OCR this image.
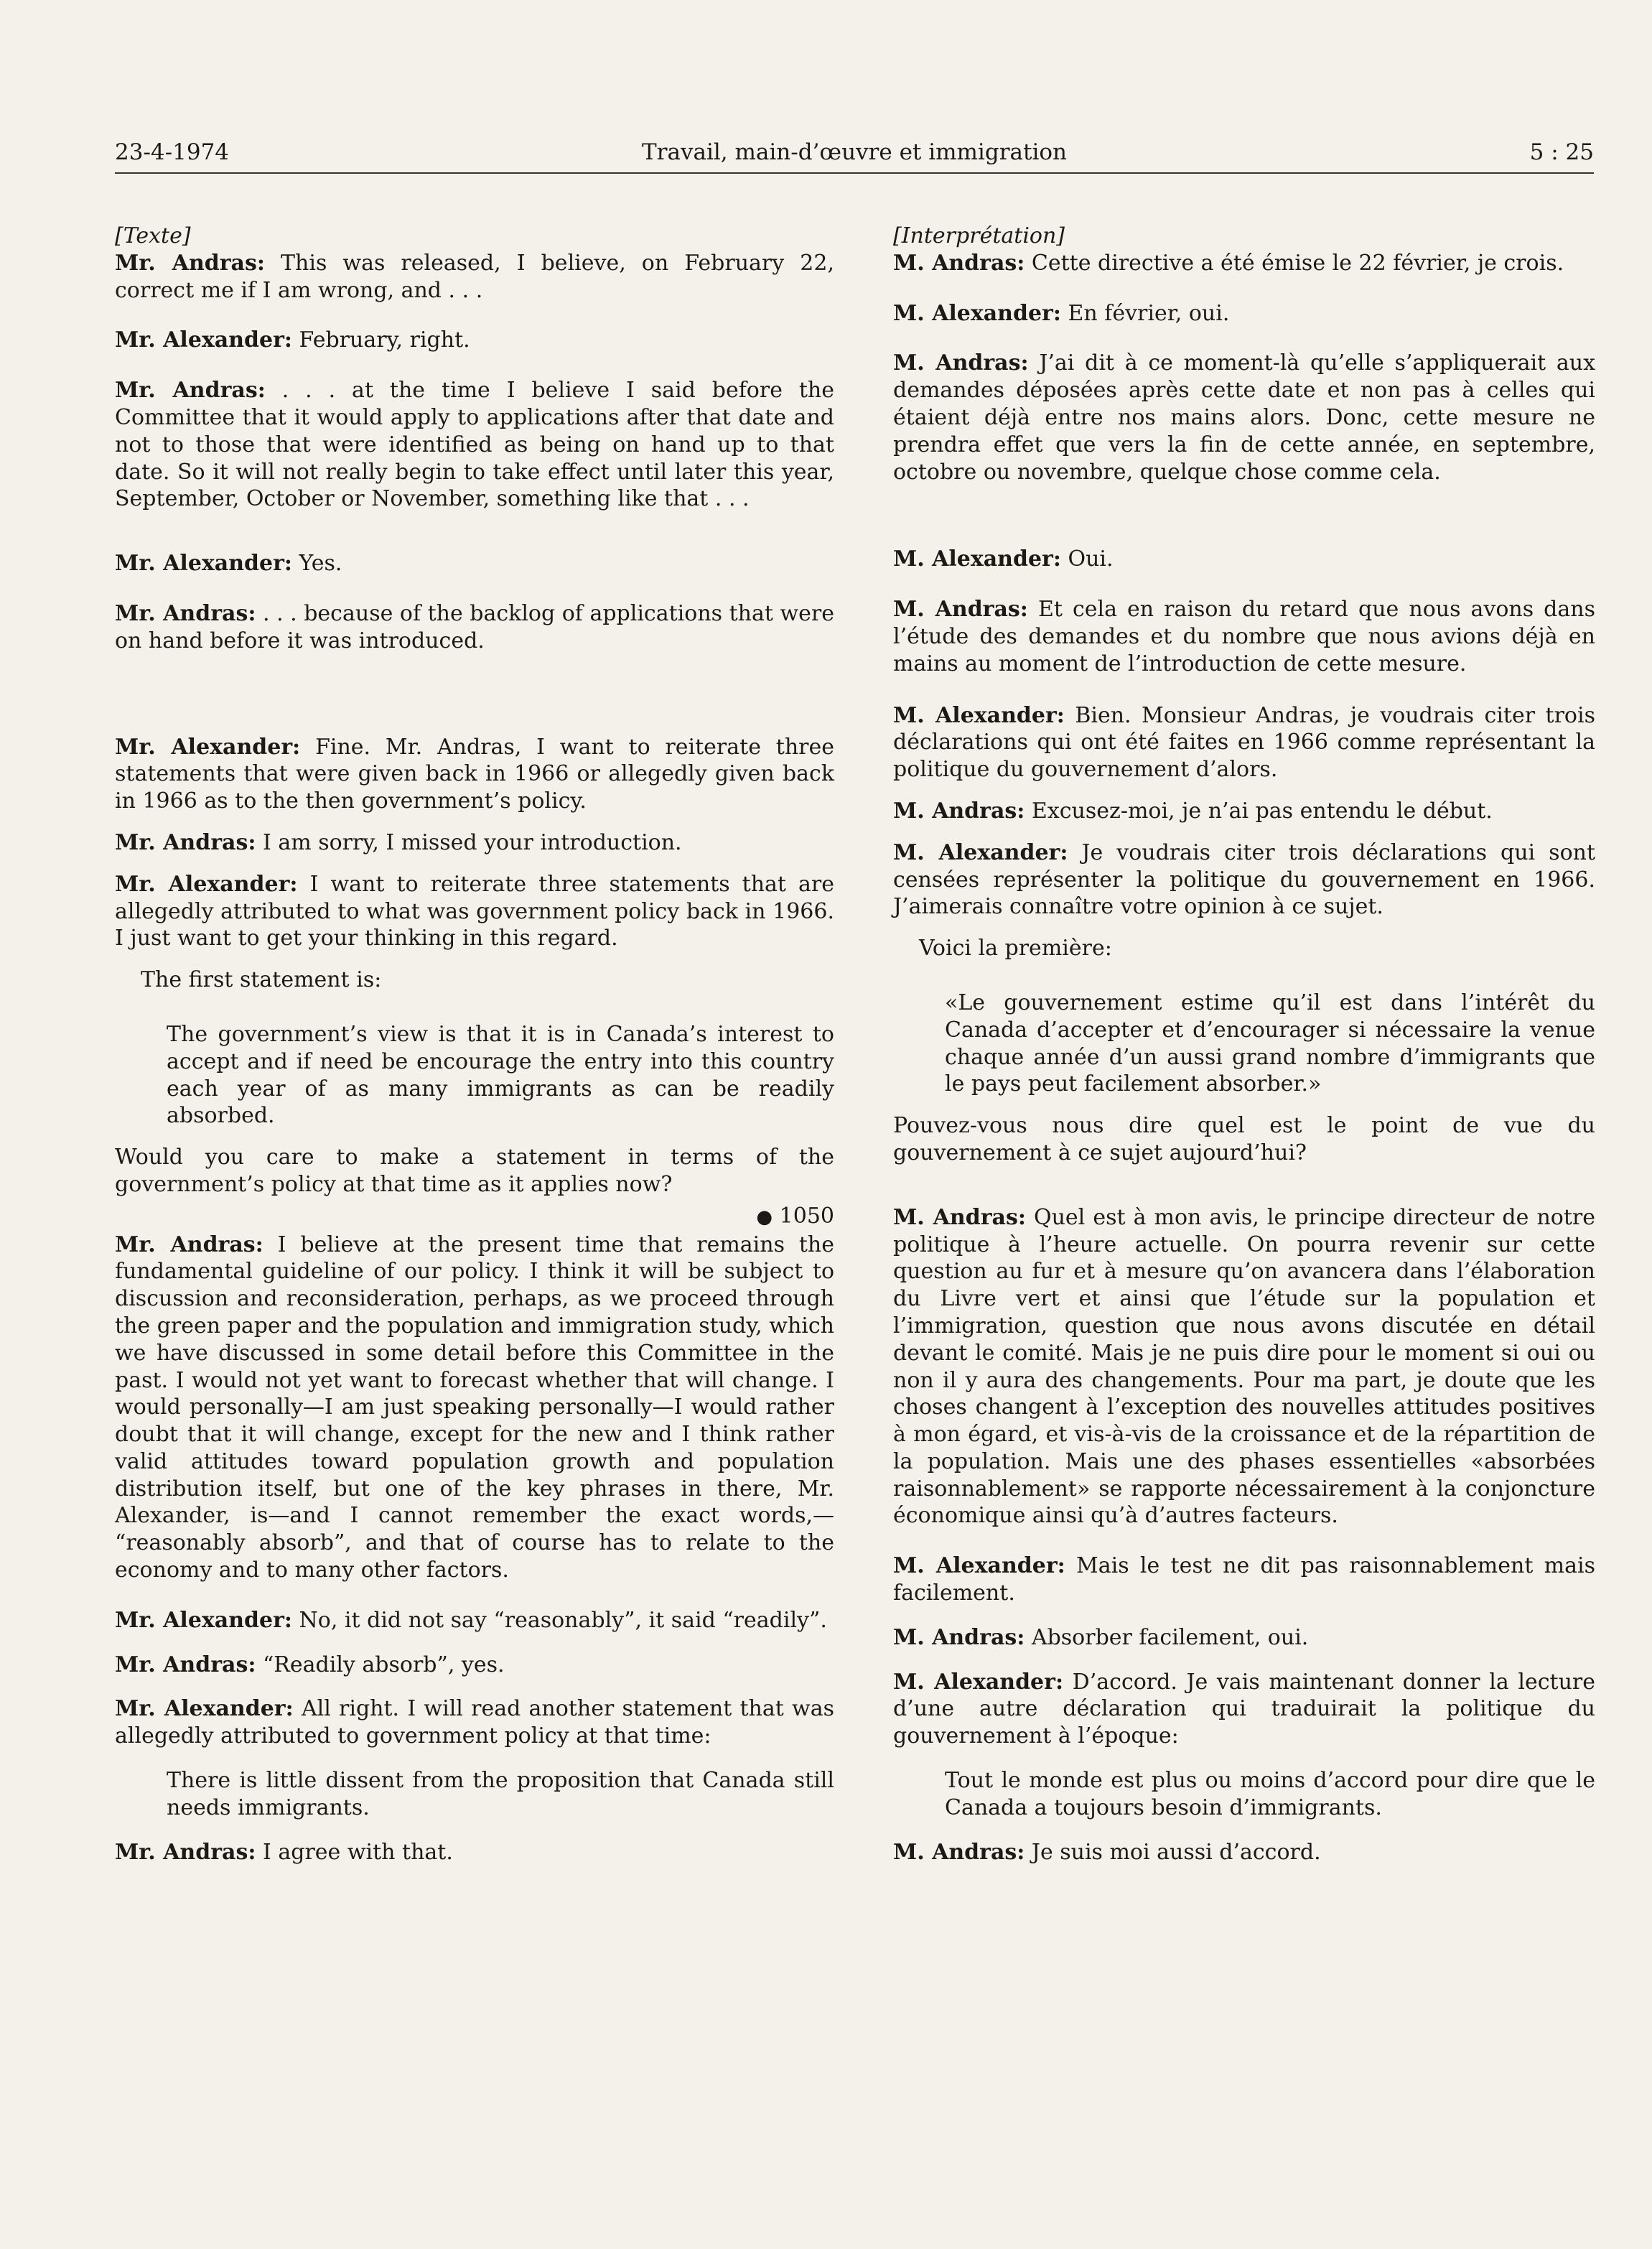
23-4-1974	Travail, main-d’œuvre et immigration	5 : 25

[Texte]

Mr. Andras: This was released, I believe, on February 22, correct me if I am wrong, and . . .

Mr. Alexander: February, right.

Mr. Andras: . . . at the time I believe I said before the Committee that it would apply to applications after that date and not to those that were identified as being on hand up to that date. So it will not really begin to take effect until later this year, September, October or November, something like that . . .

Mr. Alexander: Yes.

Mr. Andras: . . . because of the backlog of applications that were on hand before it was introduced.

Mr. Alexander: Fine. Mr. Andras, I want to reiterate three statements that were given back in 1966 or allegedly given back in 1966 as to the then government’s policy.

Mr. Andras: I am sorry, I missed your introduction.

Mr. Alexander: I want to reiterate three statements that are allegedly attributed to what was government policy back in 1966. I just want to get your thinking in this regard.

The first statement is:

The government’s view is that it is in Canada’s interest to accept and if need be encourage the entry into this country each year of as many immigrants as can be readily absorbed.

Would you care to make a statement in terms of the government’s policy at that time as it applies now?

● 1050

Mr. Andras: I believe at the present time that remains the fundamental guideline of our policy. I think it will be subject to discussion and reconsideration, perhaps, as we proceed through the green paper and the population and immigration study, which we have discussed in some detail before this Committee in the past. I would not yet want to forecast whether that will change. I would personally—I am just speaking personally—I would rather doubt that it will change, except for the new and I think rather valid attitudes toward population growth and population distribution itself, but one of the key phrases in there, Mr. Alexander, is—and I cannot remember the exact words,— “reasonably absorb”, and that of course has to relate to the economy and to many other factors.

Mr. Alexander: No, it did not say “reasonably”, it said “readily”.

Mr. Andras: “Readily absorb”, yes.

Mr. Alexander: All right. I will read another statement that was allegedly attributed to government policy at that time:

There is little dissent from the proposition that Canada still needs immigrants.

Mr. Andras: I agree with that.

[Interprétation]

M. Andras: Cette directive a été émise le 22 février, je crois.

M. Alexander: En février, oui.

M. Andras: J’ai dit à ce moment-là qu’elle s’appliquerait aux demandes déposées après cette date et non pas à celles qui étaient déjà entre nos mains alors. Donc, cette mesure ne prendra effet que vers la fin de cette année, en septembre, octobre ou novembre, quelque chose comme cela.

M. Alexander: Oui.

M. Andras: Et cela en raison du retard que nous avons dans l’étude des demandes et du nombre que nous avions déjà en mains au moment de l’introduction de cette mesure.

M. Alexander: Bien. Monsieur Andras, je voudrais citer trois déclarations qui ont été faites en 1966 comme représentant la politique du gouvernement d’alors.

M. Andras: Excusez-moi, je n’ai pas entendu le début.

M. Alexander: Je voudrais citer trois déclarations qui sont censées représenter la politique du gouvernement en 1966. J’aimerais connaître votre opinion à ce sujet.

Voici la première:

«Le gouvernement estime qu’il est dans l’intérêt du Canada d’accepter et d’encourager si nécessaire la venue chaque année d’un aussi grand nombre d’immigrants que le pays peut facilement absorber.»

Pouvez-vous nous dire quel est le point de vue du gouvernement à ce sujet aujourd’hui?

M. Andras: Quel est à mon avis, le principe directeur de notre politique à l’heure actuelle. On pourra revenir sur cette question au fur et à mesure qu’on avancera dans l’élaboration du Livre vert et ainsi que l’étude sur la population et l’immigration, question que nous avons discutée en détail devant le comité. Mais je ne puis dire pour le moment si oui ou non il y aura des changements. Pour ma part, je doute que les choses changent à l’exception des nouvelles attitudes positives à mon égard, et vis-à-vis de la croissance et de la répartition de la population. Mais une des phases essentielles «absorbées raisonnablement» se rapporte nécessairement à la conjoncture économique ainsi qu’à d’autres facteurs.

M. Alexander: Mais le test ne dit pas raisonnablement mais facilement.

M. Andras: Absorber facilement, oui.

M. Alexander: D’accord. Je vais maintenant donner la lecture d’une autre déclaration qui traduirait la politique du gouvernement à l’époque:

Tout le monde est plus ou moins d’accord pour dire que le Canada a toujours besoin d’immigrants.

M. Andras: Je suis moi aussi d’accord.
